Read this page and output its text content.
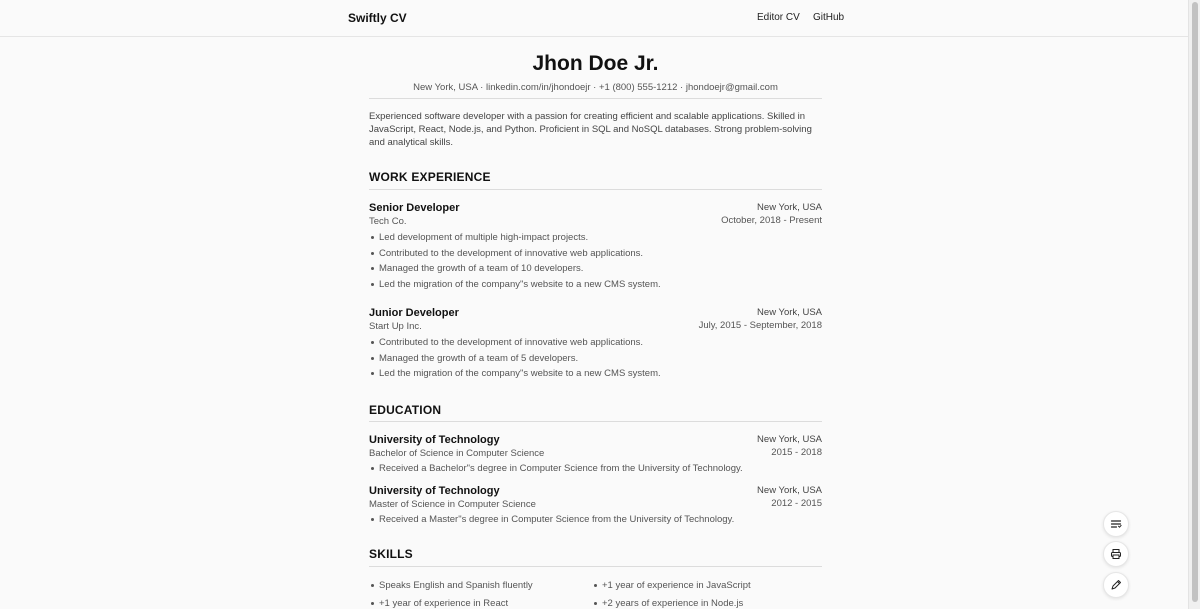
Swiftly CV	Editor CV GitHub
Jhon Doe Jr.
New York, USA · linkedin.com/in/jhondoejr · +1 (800) 555-1212 · jhondoejr@gmail.com
Experienced software developer with a passion for creating efficient and scalable applications. Skilled in JavaScript, React, Node.js, and Python. Proficient in SQL and NoSQL databases. Strong problem-solving and analytical skills.
WORK EXPERIENCE
Senior Developer
Tech Co.
New York, USA
October, 2018 - Present
Led development of multiple high-impact projects.
Contributed to the development of innovative web applications.
Managed the growth of a team of 10 developers.
Led the migration of the company"s website to a new CMS system.
Junior Developer
Start Up Inc.
New York, USA
July, 2015 - September, 2018
Contributed to the development of innovative web applications.
Managed the growth of a team of 5 developers.
Led the migration of the company"s website to a new CMS system.
EDUCATION
University of Technology
Bachelor of Science in Computer Science
New York, USA
2015 - 2018
Received a Bachelor"s degree in Computer Science from the University of Technology.
University of Technology
Master of Science in Computer Science
New York, USA
2012 - 2015
Received a Master"s degree in Computer Science from the University of Technology.
SKILLS
Speaks English and Spanish fluently
+1 year of experience in React
+1 year of experience in JavaScript
+2 years of experience in Node.js
